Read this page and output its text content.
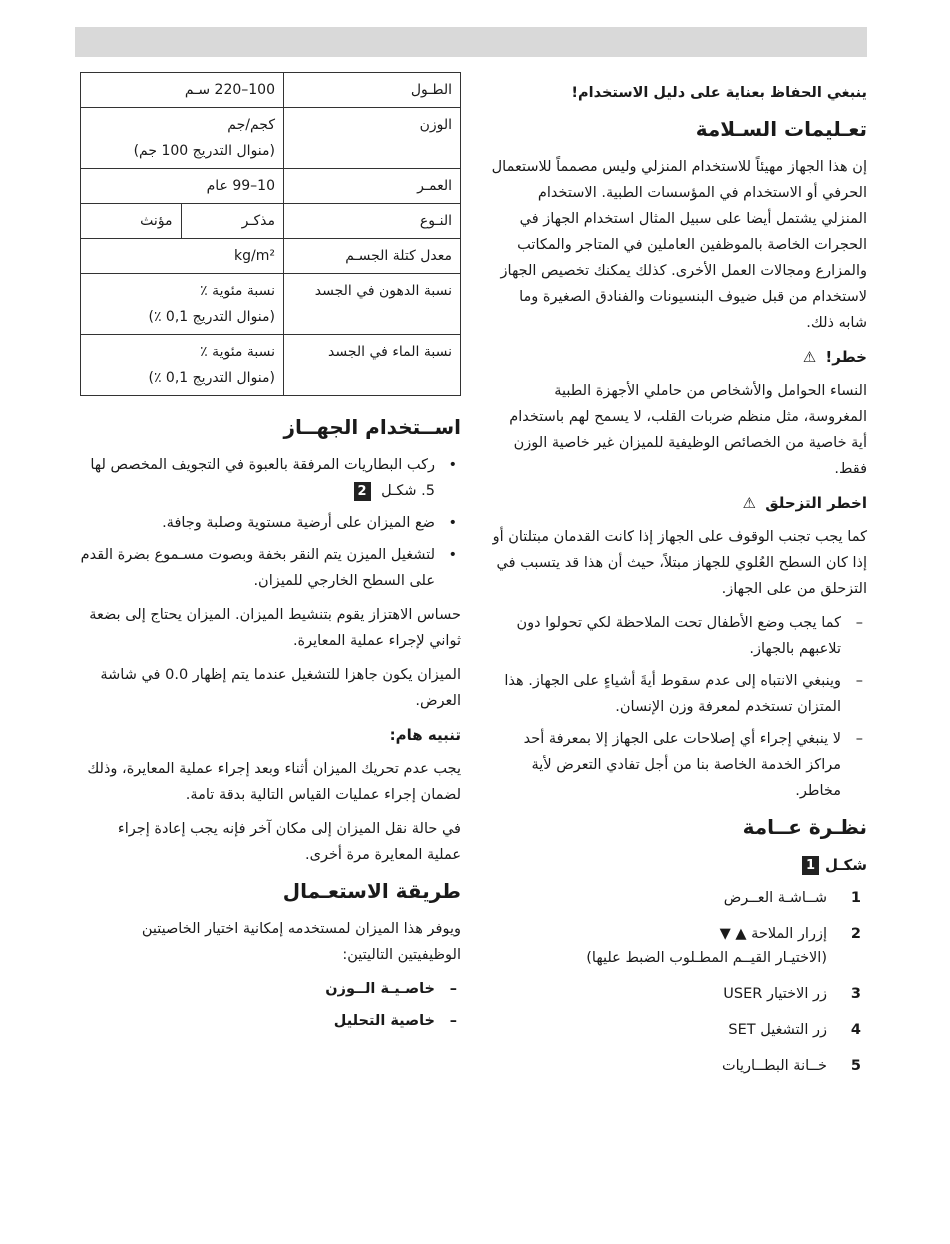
ينبغي الحفاظ بعناية على دليل الاستخدام!

تعـليمات السـلامة

إن هذا الجهاز مهيئاً للاستخدام المنزلي وليس مصمماً للاستعمال الحرفي أو الاستخدام في المؤسسات الطبية. الاستخدام المنزلي يشتمل أيضا على سبيل المثال استخدام الجهاز في الحجرات الخاصة بالموظفين العاملين في المتاجر والمكاتب والمزارع ومجالات العمل الأخرى. كذلك يمكنك تخصيص الجهاز لاستخدام من قبل ضيوف البنسيونات والفنادق الصغيرة وما شابه ذلك.

خطر! ⚠

النساء الحوامل والأشخاص من حاملي الأجهزة الطبية المغروسة، مثل منظم ضربات القلب، لا يسمح لهم باستخدام أية خاصية من الخصائص الوظيفية للميزان غير خاصية الوزن فقط.

اخطر التزحلق ⚠

كما يجب تجنب الوقوف على الجهاز إذا كانت القدمان مبتلتان أو إذا كان السطح العُلوي للجهاز مبتلاً، حيث أن هذا قد يتسبب في التزحلق من على الجهاز.

–
كما يجب وضع الأطفال تحت الملاحظة لكي تحولوا دون تلاعبهم بالجهاز.
–
وينبغي الانتباه إلى عدم سقوط أيةَ أشياءٍ على الجهاز. هذا المتزان تستخدم لمعرفة وزن الإنسان.
–
لا ينبغي إجراء أي إصلاحات على الجهاز إلا بمعرفة أحد مراكز الخدمة الخاصة بنا من أجل تفادي التعرض لأية مخاطر.
نظـرة عــامة
شكـل1
1
شــاشـة العــرض
2
إزرار الملاحة ▲ ▼
(الاختيـار القيــم المطـلوب الضبط عليها)
3
زر الاختيار USER
4
زر التشغيل SET
5
خــانة البطــاريات
الطـول	100–220 سـم	
الوزن	كجم/جم
(منوال التدريج 100 جم)	
العمـر	10–99 عام	
النـوع	مذكـر	مؤنث
معدل كتلة الجسـم	kg/m²	
نسبة الدهون في الجسد	نسبة مئوية ٪
(منوال التدريج 0,1 ٪)	
نسبة الماء في الجسد	نسبة مئوية ٪
(منوال التدريج 0,1 ٪)	
اســتخدام الجهــاز
•
ركب البطاريات المرفقة بالعبوة في التجويف المخصص لها 5. شكـل 2
•
ضع الميزان على أرضية مستوية وصلبة وجافة.
•
لتشغيل الميزن يتم النقر بخفة وبصوت مسـموع بضرة القدم على السطح الخارجي للميزان.

حساس الاهتزاز يقوم بتنشيط الميزان. الميزان يحتاج إلى بضعة ثواني لإجراء عملية المعايرة.

الميزان يكون جاهزا للتشغيل عندما يتم إظهار 0.0 في شاشة العرض.

تنبيه هام:

يجب عدم تحريك الميزان أثناء وبعد إجراء عملية المعايرة، وذلك لضمان إجراء عمليات القياس التالية بدقة تامة.

في حالة نقل الميزان إلى مكان آخر فإنه يجب إعادة إجراء عملية المعايرة مرة أخرى.

طريقة الاستعـمال

ويوفر هذا الميزان لمستخدمه إمكانية اختيار الخاصيتين الوظيفيتين التاليتين:

–
خاصـيـة الــوزن
–
خاصية التحليل
